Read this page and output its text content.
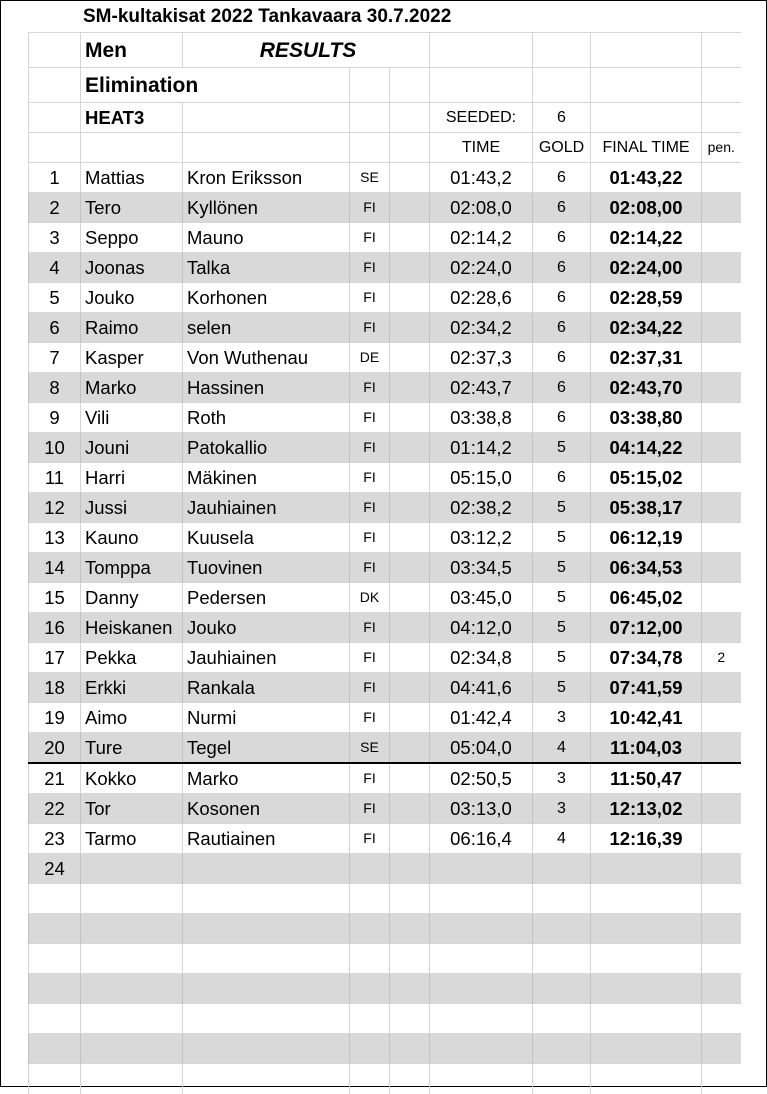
SM-kultakisat 2022 Tankavaara 30.7.2022
	Men	RESULTS						
	Elimination							
	HEAT3				SEEDED:	6		
					TIME	GOLD	FINAL TIME	pen.
1	Mattias	Kron Eriksson	SE		01:43,2	6	01:43,22	
2	Tero	Kyllönen	FI		02:08,0	6	02:08,00	
3	Seppo	Mauno	FI		02:14,2	6	02:14,22	
4	Joonas	Talka	FI		02:24,0	6	02:24,00	
5	Jouko	Korhonen	FI		02:28,6	6	02:28,59	
6	Raimo	selen	FI		02:34,2	6	02:34,22	
7	Kasper	Von Wuthenau	DE		02:37,3	6	02:37,31	
8	Marko	Hassinen	FI		02:43,7	6	02:43,70	
9	Vili	Roth	FI		03:38,8	6	03:38,80	
10	Jouni	Patokallio	FI		01:14,2	5	04:14,22	
11	Harri	Mäkinen	FI		05:15,0	6	05:15,02	
12	Jussi	Jauhiainen	FI		02:38,2	5	05:38,17	
13	Kauno	Kuusela	FI		03:12,2	5	06:12,19	
14	Tomppa	Tuovinen	FI		03:34,5	5	06:34,53	
15	Danny	Pedersen	DK		03:45,0	5	06:45,02	
16	Heiskanen	Jouko	FI		04:12,0	5	07:12,00	
17	Pekka	Jauhiainen	FI		02:34,8	5	07:34,78	2
18	Erkki	Rankala	FI		04:41,6	5	07:41,59	
19	Aimo	Nurmi	FI		01:42,4	3	10:42,41	
20	Ture	Tegel	SE		05:04,0	4	11:04,03	
21	Kokko	Marko	FI		02:50,5	3	11:50,47	
22	Tor	Kosonen	FI		03:13,0	3	12:13,02	
23	Tarmo	Rautiainen	FI		06:16,4	4	12:16,39	
24								
